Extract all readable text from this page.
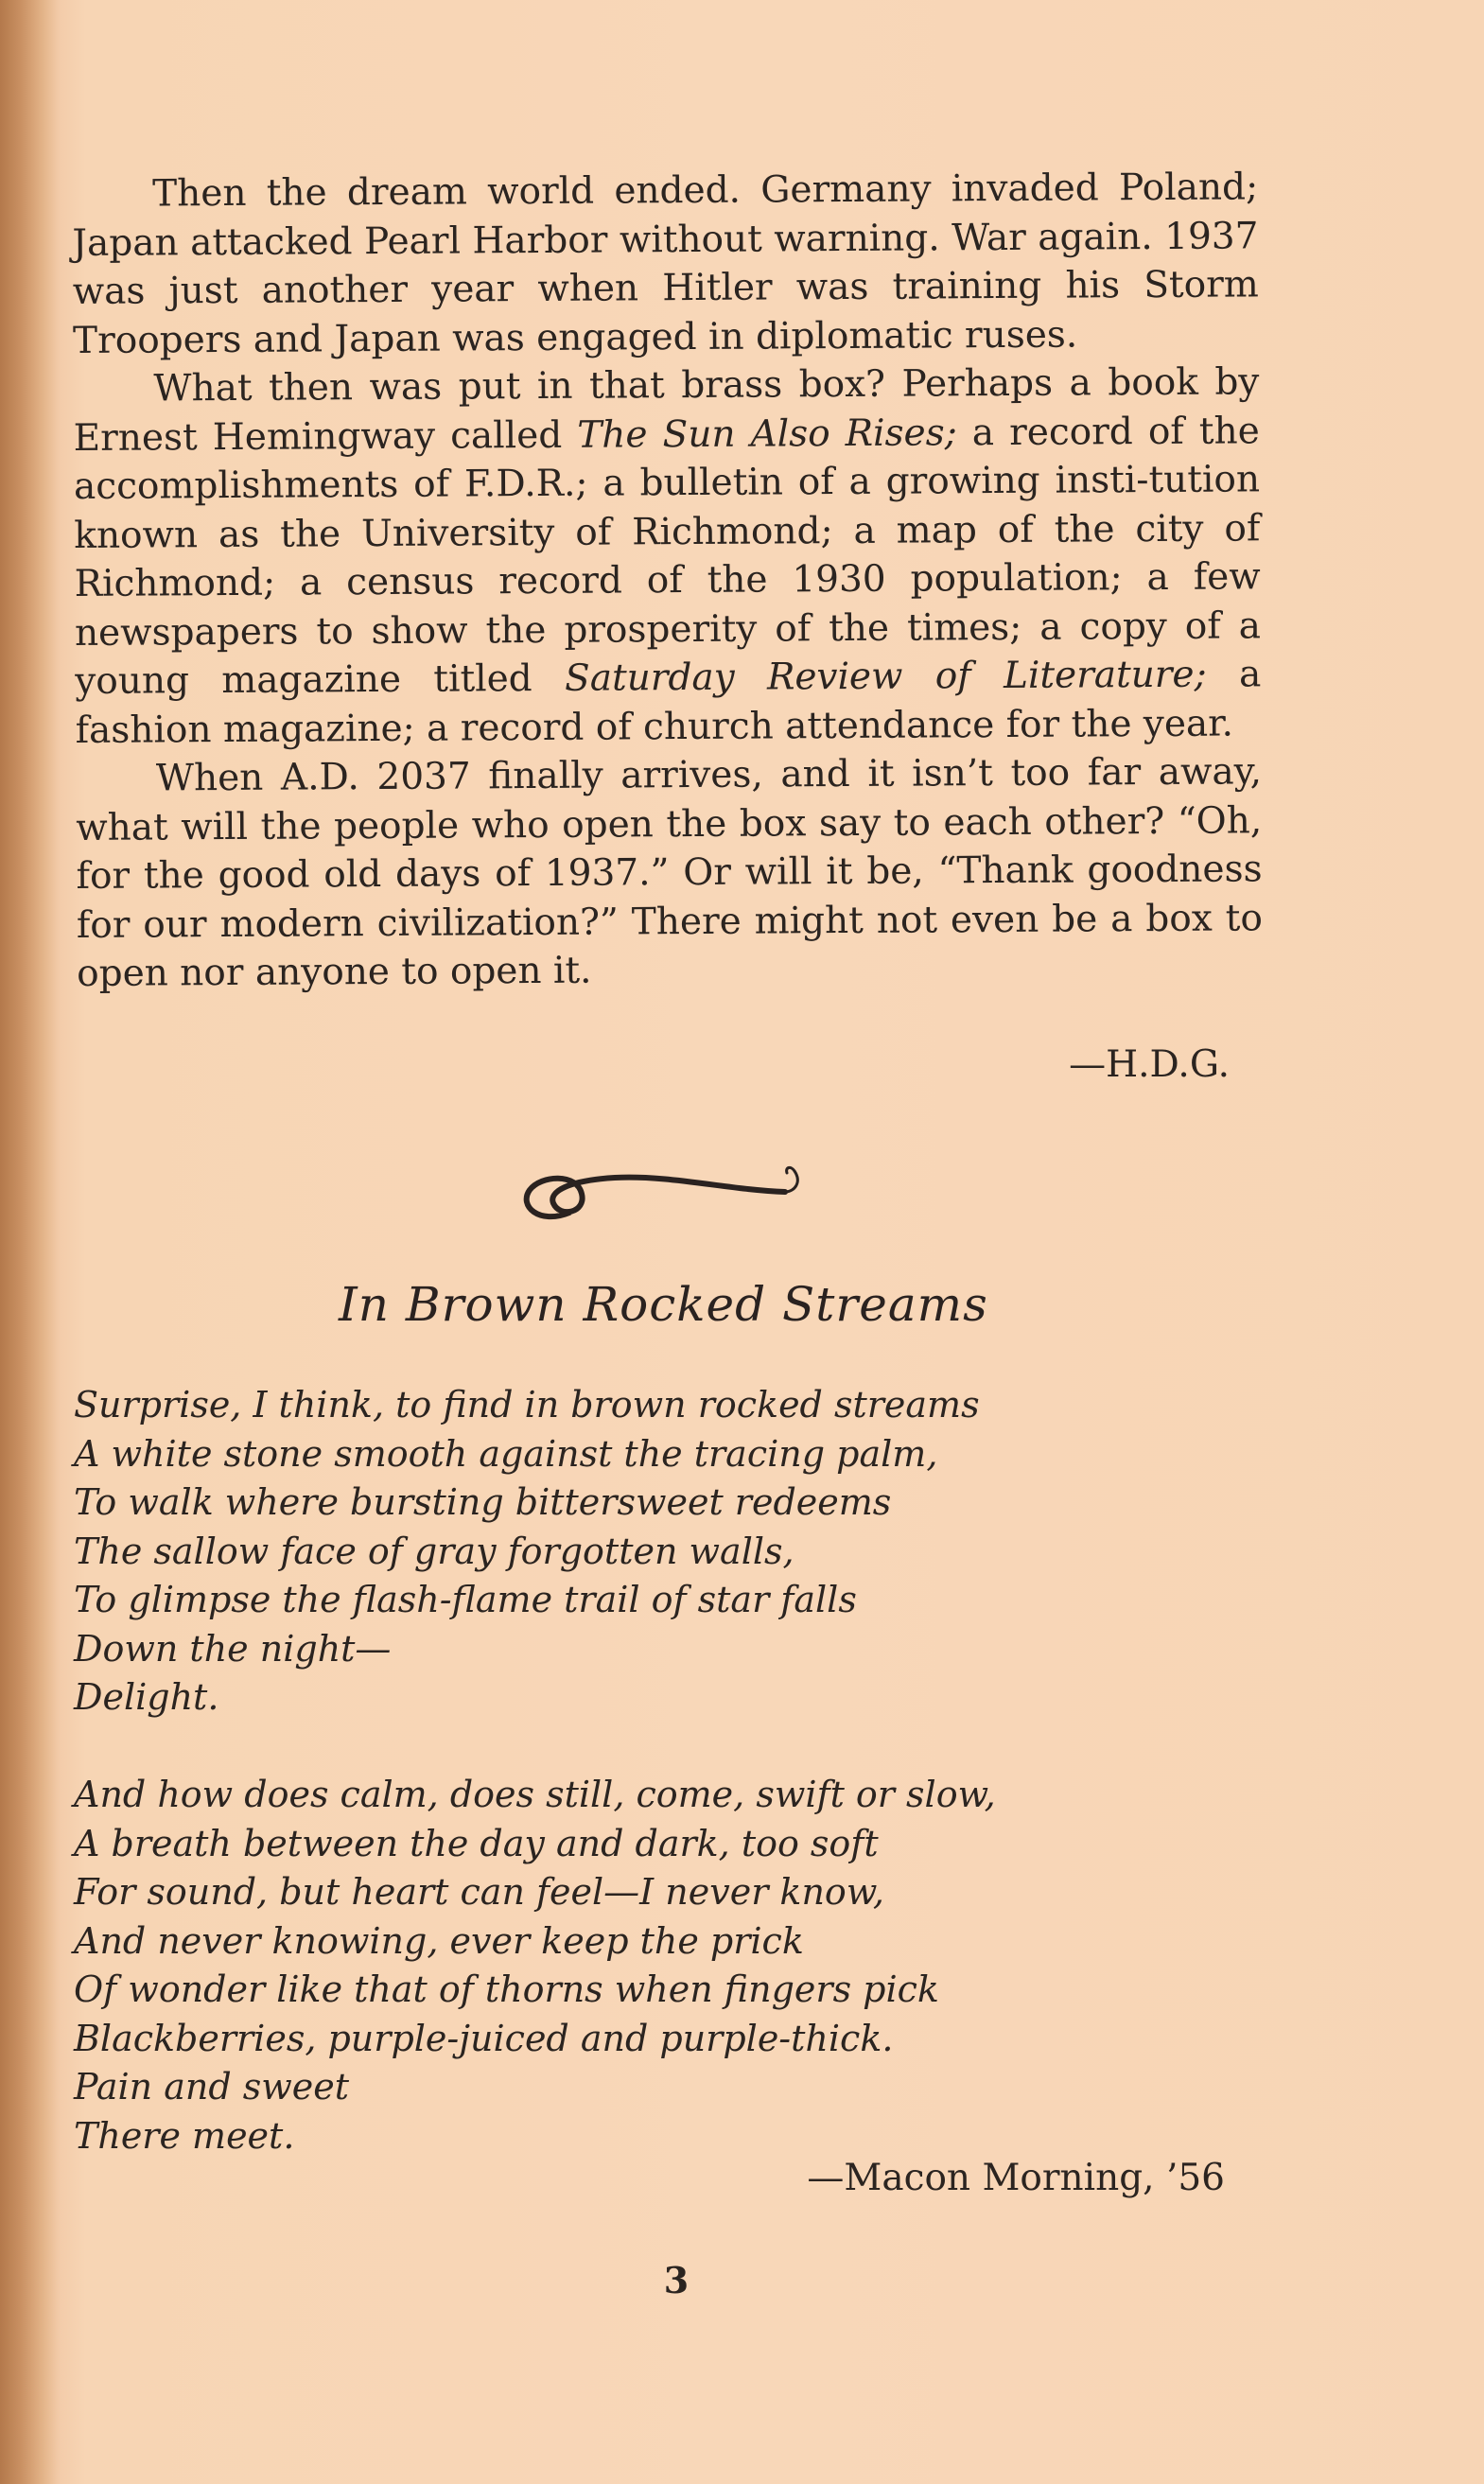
Then the dream world ended. Germany invaded Poland; Japan attacked Pearl Harbor without warning. War again. 1937 was just another year when Hitler was training his Storm Troopers and Japan was engaged in diplomatic ruses.

What then was put in that brass box? Perhaps a book by Ernest Hemingway called The Sun Also Rises; a record of the accomplishments of F.D.R.; a bulletin of a growing insti-tution known as the University of Richmond; a map of the city of Richmond; a census record of the 1930 population; a few newspapers to show the prosperity of the times; a copy of a young magazine titled Saturday Review of Literature; a fashion magazine; a record of church attendance for the year.

When A.D. 2037 finally arrives, and it isn’t too far away, what will the people who open the box say to each other? “Oh, for the good old days of 1937.” Or will it be, “Thank goodness for our modern civilization?” There might not even be a box to open nor anyone to open it.

—H.D.G.
In Brown Rocked Streams
Surprise, I think, to find in brown rocked streams
A white stone smooth against the tracing palm,
To walk where bursting bittersweet redeems
The sallow face of gray forgotten walls,
To glimpse the flash-flame trail of star falls
Down the night—
Delight.
And how does calm, does still, come, swift or slow,
A breath between the day and dark, too soft
For sound, but heart can feel—I never know,
And never knowing, ever keep the prick
Of wonder like that of thorns when fingers pick
Blackberries, purple-juiced and purple-thick.
Pain and sweet
There meet.
—Macon Morning, ’56
3
